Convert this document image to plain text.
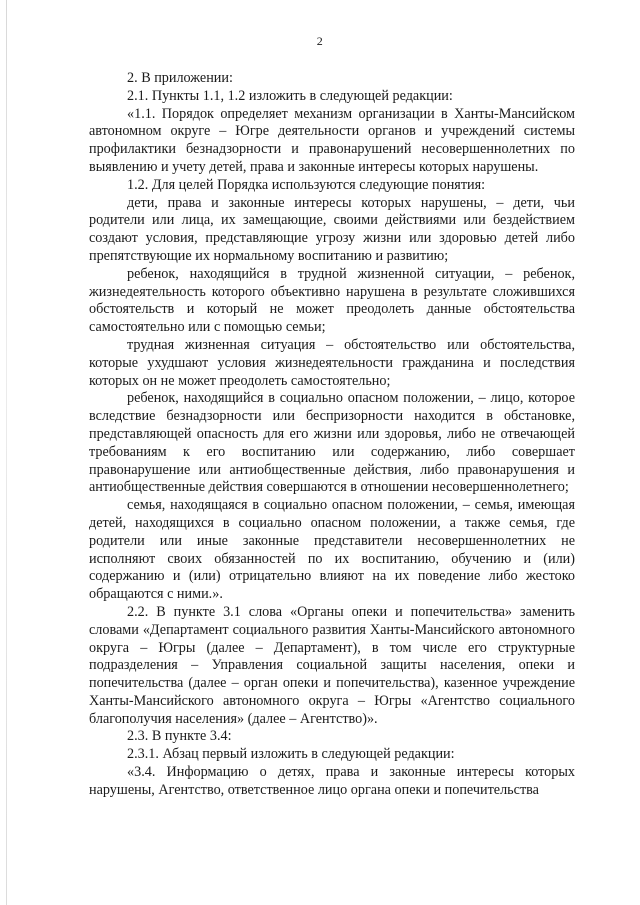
2

2. В приложении:

2.1. Пункты 1.1, 1.2 изложить в следующей редакции:

«1.1. Порядок определяет механизм организации в Ханты-Мансийском автономном округе – Югре деятельности органов и учреждений системы профилактики безнадзорности и правонарушений несовершеннолетних по выявлению и учету детей, права и законные интересы которых нарушены.

1.2. Для целей Порядка используются следующие понятия:

дети, права и законные интересы которых нарушены, – дети, чьи родители или лица, их замещающие, своими действиями или бездействием создают условия, представляющие угрозу жизни или здоровью детей либо препятствующие их нормальному воспитанию и развитию;

ребенок, находящийся в трудной жизненной ситуации, – ребенок, жизнедеятельность которого объективно нарушена в результате сложившихся обстоятельств и который не может преодолеть данные обстоятельства самостоятельно или с помощью семьи;

трудная жизненная ситуация – обстоятельство или обстоятельства, которые ухудшают условия жизнедеятельности гражданина и последствия которых он не может преодолеть самостоятельно;

ребенок, находящийся в социально опасном положении, – лицо, которое вследствие безнадзорности или беспризорности находится в обстановке, представляющей опасность для его жизни или здоровья, либо не отвечающей требованиям к его воспитанию или содержанию, либо совершает правонарушение или антиобщественные действия, либо правонарушения и антиобщественные действия совершаются в отношении несовершеннолетнего;

семья, находящаяся в социально опасном положении, – семья, имеющая детей, находящихся в социально опасном положении, а также семья, где родители или иные законные представители несовершеннолетних не исполняют своих обязанностей по их воспитанию, обучению и (или) содержанию и (или) отрицательно влияют на их поведение либо жестоко обращаются с ними.».

2.2. В пункте 3.1 слова «Органы опеки и попечительства» заменить словами «Департамент социального развития Ханты-Мансийского автономного округа – Югры (далее – Департамент), в том числе его структурные подразделения – Управления социальной защиты населения, опеки и попечительства (далее – орган опеки и попечительства), казенное учреждение Ханты-Мансийского автономного округа – Югры «Агентство социального благополучия населения» (далее – Агентство)».

2.3. В пункте 3.4:

2.3.1. Абзац первый изложить в следующей редакции:

«3.4. Информацию о детях, права и законные интересы которых нарушены, Агентство, ответственное лицо органа опеки и попечительства
